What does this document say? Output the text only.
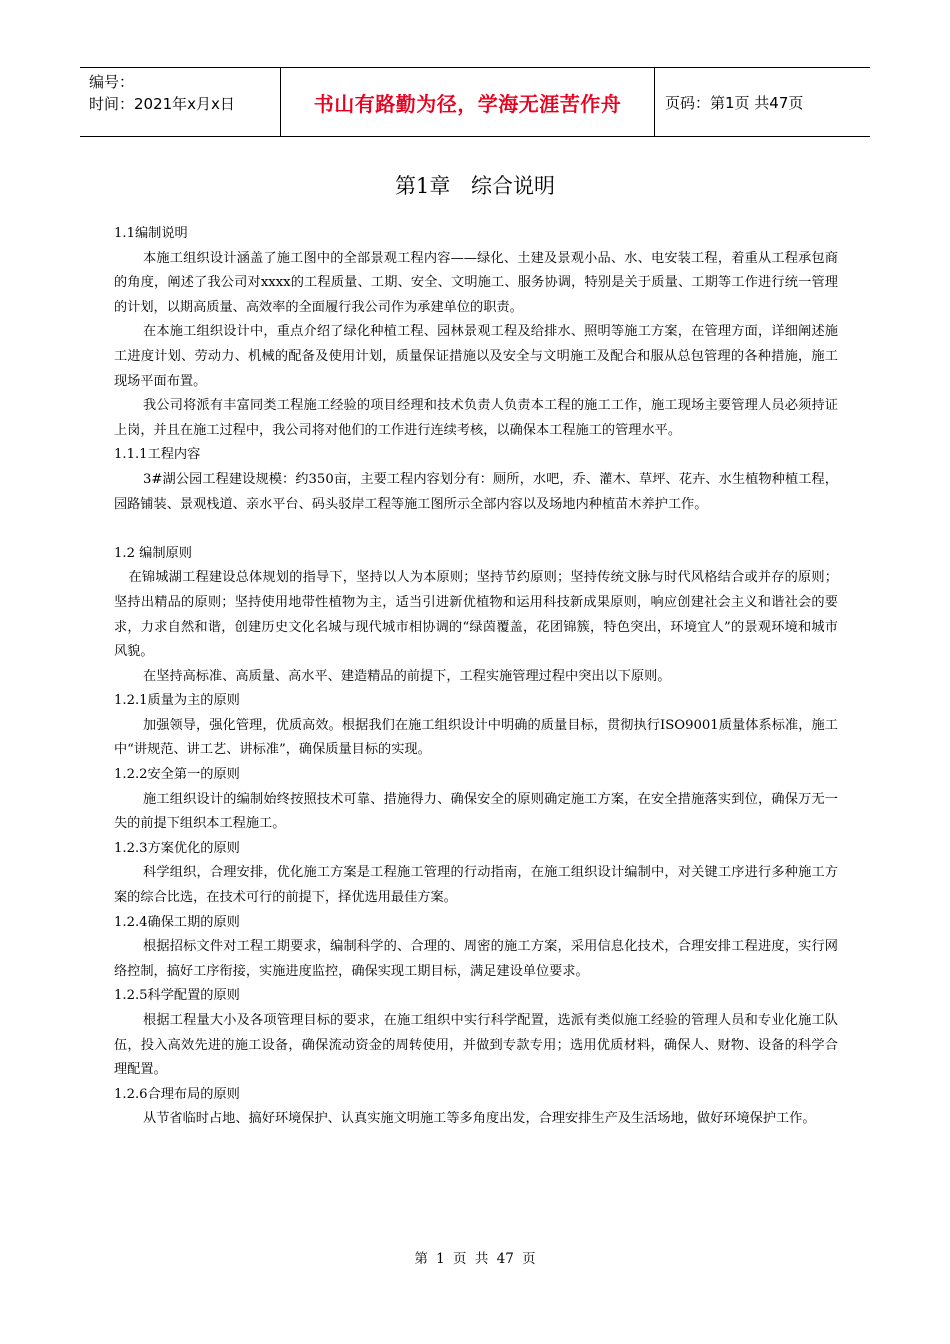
编号：
时间：2021年x月x日	书山有路勤为径，学海无涯苦作舟	页码：第1页 共47页
第1章 综合说明

1.1编制说明

本施工组织设计涵盖了施工图中的全部景观工程内容——绿化、土建及景观小品、水、电安装工程，着重从工程承包商的角度，阐述了我公司对xxxx的工程质量、工期、安全、文明施工、服务协调，特别是关于质量、工期等工作进行统一管理的计划，以期高质量、高效率的全面履行我公司作为承建单位的职责。

在本施工组织设计中，重点介绍了绿化种植工程、园林景观工程及给排水、照明等施工方案，在管理方面，详细阐述施工进度计划、劳动力、机械的配备及使用计划，质量保证措施以及安全与文明施工及配合和服从总包管理的各种措施，施工现场平面布置。

我公司将派有丰富同类工程施工经验的项目经理和技术负责人负责本工程的施工工作，施工现场主要管理人员必须持证上岗，并且在施工过程中，我公司将对他们的工作进行连续考核，以确保本工程施工的管理水平。

1.1.1工程内容

3#湖公园工程建设规模：约350亩，主要工程内容划分有：厕所，水吧，乔、灌木、草坪、花卉、水生植物种植工程，园路铺装、景观栈道、亲水平台、码头驳岸工程等施工图所示全部内容以及场地内种植苗木养护工作。

1.2 编制原则

在锦城湖工程建设总体规划的指导下，坚持以人为本原则；坚持节约原则；坚持传统文脉与时代风格结合或并存的原则；坚持出精品的原则；坚持使用地带性植物为主，适当引进新优植物和运用科技新成果原则，响应创建社会主义和谐社会的要求，力求自然和谐，创建历史文化名城与现代城市相协调的“绿茵覆盖，花团锦簇，特色突出，环境宜人”的景观环境和城市风貌。

在坚持高标准、高质量、高水平、建造精品的前提下，工程实施管理过程中突出以下原则。

1.2.1质量为主的原则

加强领导，强化管理，优质高效。根据我们在施工组织设计中明确的质量目标，贯彻执行ISO9001质量体系标准，施工中“讲规范、讲工艺、讲标准”，确保质量目标的实现。

1.2.2安全第一的原则

施工组织设计的编制始终按照技术可靠、措施得力、确保安全的原则确定施工方案，在安全措施落实到位，确保万无一失的前提下组织本工程施工。

1.2.3方案优化的原则

科学组织，合理安排，优化施工方案是工程施工管理的行动指南，在施工组织设计编制中，对关键工序进行多种施工方案的综合比选，在技术可行的前提下，择优选用最佳方案。

1.2.4确保工期的原则

根据招标文件对工程工期要求，编制科学的、合理的、周密的施工方案，采用信息化技术，合理安排工程进度，实行网络控制，搞好工序衔接，实施进度监控，确保实现工期目标，满足建设单位要求。

1.2.5科学配置的原则

根据工程量大小及各项管理目标的要求，在施工组织中实行科学配置，选派有类似施工经验的管理人员和专业化施工队伍，投入高效先进的施工设备，确保流动资金的周转使用，并做到专款专用；选用优质材料，确保人、财物、设备的科学合理配置。

1.2.6合理布局的原则

从节省临时占地、搞好环境保护、认真实施文明施工等多角度出发，合理安排生产及生活场地，做好环境保护工作。

第 1 页 共 47 页
